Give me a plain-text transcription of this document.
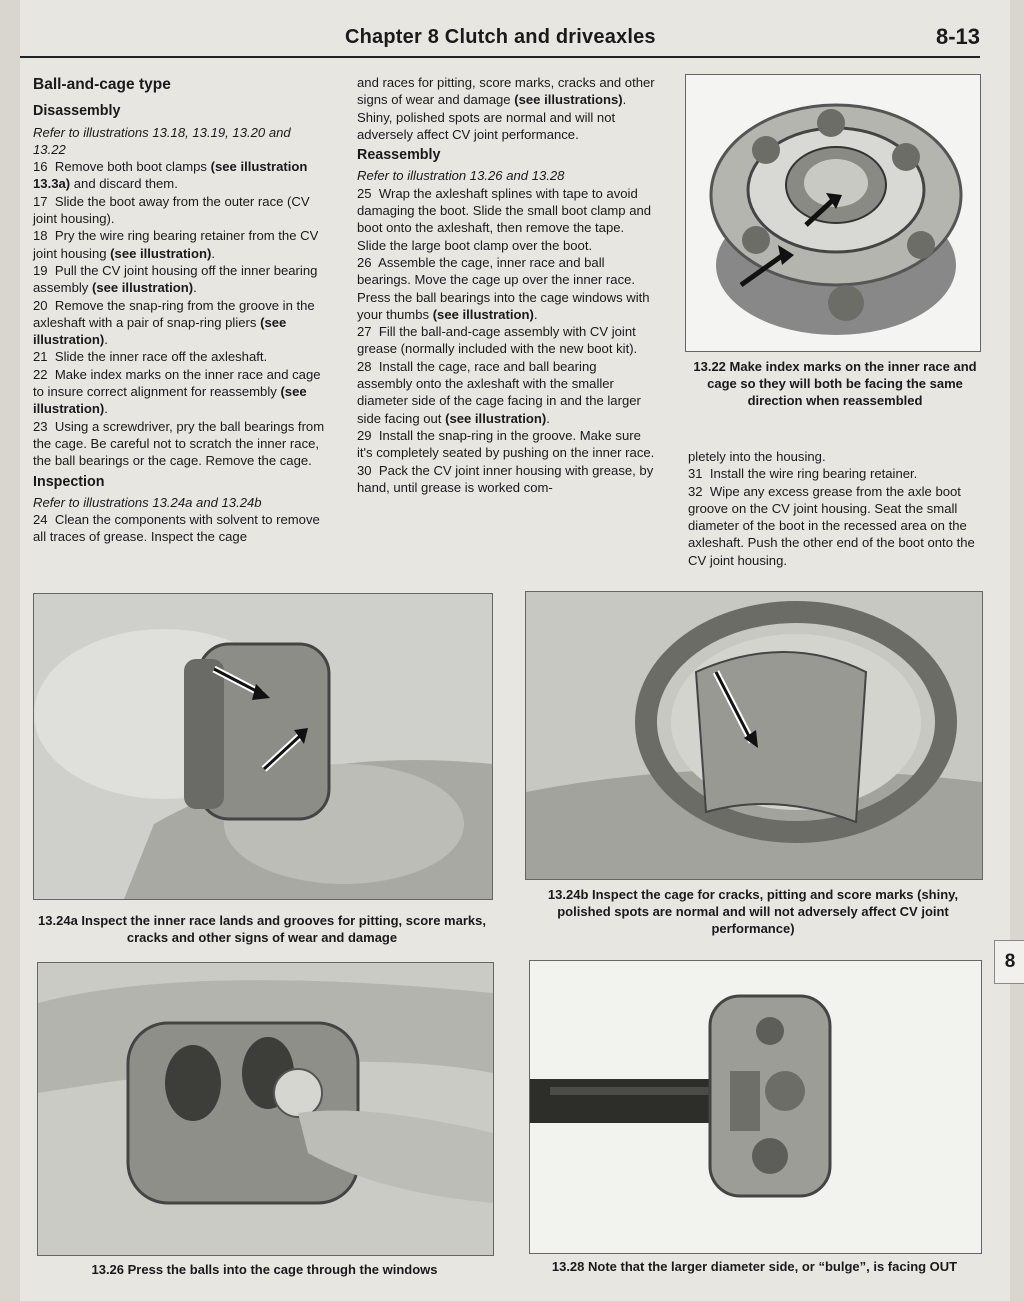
Chapter 8 Clutch and driveaxles	8-13

Ball-and-cage type

Disassembly

Refer to illustrations 13.18, 13.19, 13.20 and 13.22

16 Remove both boot clamps (see illustration 13.3a) and discard them.

17 Slide the boot away from the outer race (CV joint housing).

18 Pry the wire ring bearing retainer from the CV joint housing (see illustration).

19 Pull the CV joint housing off the inner bearing assembly (see illustration).

20 Remove the snap-ring from the groove in the axleshaft with a pair of snap-ring pliers (see illustration).

21 Slide the inner race off the axleshaft.

22 Make index marks on the inner race and cage to insure correct alignment for reassembly (see illustration).

23 Using a screwdriver, pry the ball bearings from the cage. Be careful not to scratch the inner race, the ball bearings or the cage. Remove the cage.

Inspection

Refer to illustrations 13.24a and 13.24b

24 Clean the components with solvent to remove all traces of grease. Inspect the cage

and races for pitting, score marks, cracks and other signs of wear and damage (see illustrations). Shiny, polished spots are normal and will not adversely affect CV joint performance.

Reassembly

Refer to illustration 13.26 and 13.28

25 Wrap the axleshaft splines with tape to avoid damaging the boot. Slide the small boot clamp and boot onto the axleshaft, then remove the tape. Slide the large boot clamp over the boot.

26 Assemble the cage, inner race and ball bearings. Move the cage up over the inner race. Press the ball bearings into the cage windows with your thumbs (see illustration).

27 Fill the ball-and-cage assembly with CV joint grease (normally included with the new boot kit).

28 Install the cage, race and ball bearing assembly onto the axleshaft with the smaller diameter side of the cage facing in and the larger side facing out (see illustration).

29 Install the snap-ring in the groove. Make sure it's completely seated by pushing on the inner race.

30 Pack the CV joint inner housing with grease, by hand, until grease is worked com-

13.22 Make index marks on the inner race and cage so they will both be facing the same direction when reassembled

pletely into the housing.

31 Install the wire ring bearing retainer.

32 Wipe any excess grease from the axle boot groove on the CV joint housing. Seat the small diameter of the boot in the recessed area on the axleshaft. Push the other end of the boot onto the CV joint housing.

13.24a Inspect the inner race lands and grooves for pitting, score marks, cracks and other signs of wear and damage
13.24b Inspect the cage for cracks, pitting and score marks (shiny, polished spots are normal and will not adversely affect CV joint performance)
13.26 Press the balls into the cage through the windows	13.28 Note that the larger diameter side, or “bulge”, is facing OUT
8
